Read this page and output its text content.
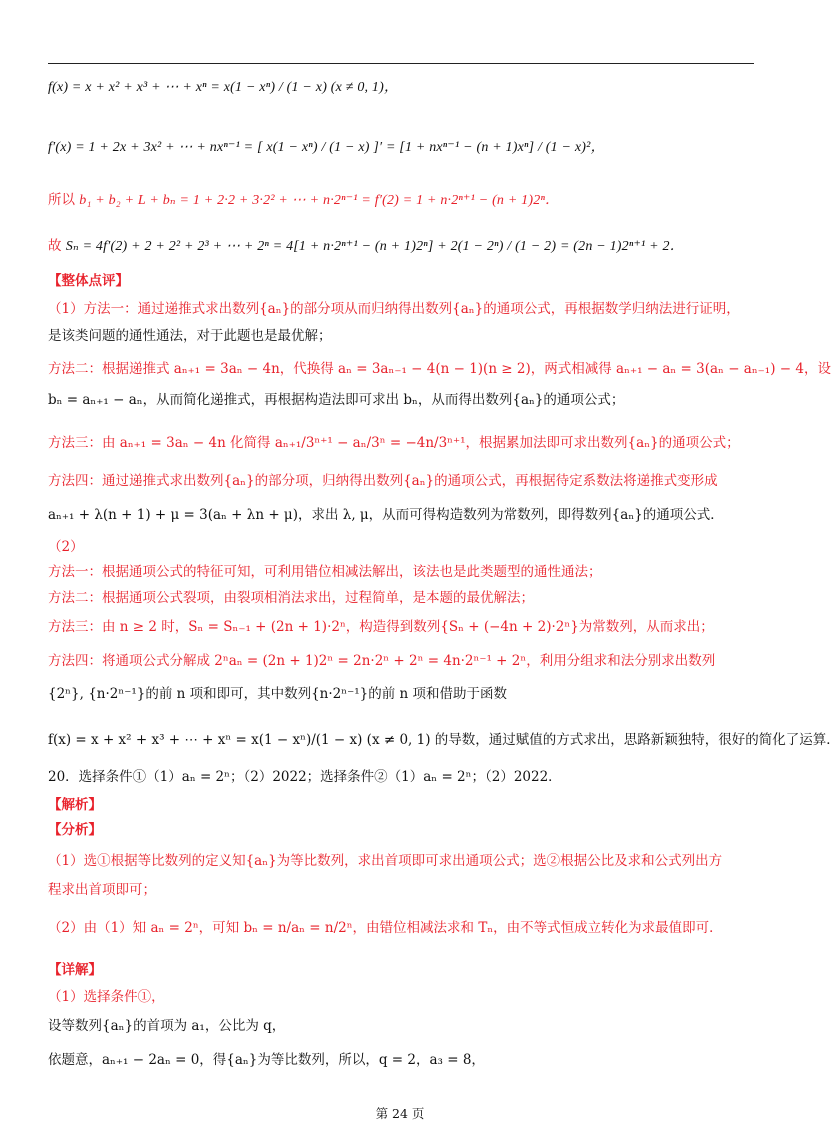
f(x) = x + x² + x³ + ⋯ + xⁿ = x(1 − xⁿ) / (1 − x) (x ≠ 0, 1)，
f′(x) = 1 + 2x + 3x² + ⋯ + nxⁿ⁻¹ = [ x(1 − xⁿ) / (1 − x) ]′ = [1 + nxⁿ⁻¹ − (n + 1)xⁿ] / (1 − x)²，
所以 b₁ + b₂ + L + bₙ = 1 + 2·2 + 3·2² + ⋯ + n·2ⁿ⁻¹ = f′(2) = 1 + n·2ⁿ⁺¹ − (n + 1)2ⁿ．
故 Sₙ = 4f′(2) + 2 + 2² + 2³ + ⋯ + 2ⁿ = 4[1 + n·2ⁿ⁺¹ − (n + 1)2ⁿ] + 2(1 − 2ⁿ) / (1 − 2) = (2n − 1)2ⁿ⁺¹ + 2．
【整体点评】
（1）方法一：通过递推式求出数列{aₙ}的部分项从而归纳得出数列{aₙ}的通项公式，再根据数学归纳法进行证明，
是该类问题的通性通法，对于此题也是最优解；
方法二：根据递推式 aₙ₊₁ = 3aₙ − 4n，代换得 aₙ = 3aₙ₋₁ − 4(n − 1)(n ≥ 2)，两式相减得 aₙ₊₁ − aₙ = 3(aₙ − aₙ₋₁) − 4，设
bₙ = aₙ₊₁ − aₙ，从而简化递推式，再根据构造法即可求出 bₙ，从而得出数列{aₙ}的通项公式；
方法三：由 aₙ₊₁ = 3aₙ − 4n 化简得 aₙ₊₁/3ⁿ⁺¹ − aₙ/3ⁿ = −4n/3ⁿ⁺¹，根据累加法即可求出数列{aₙ}的通项公式；
方法四：通过递推式求出数列{aₙ}的部分项，归纳得出数列{aₙ}的通项公式，再根据待定系数法将递推式变形成
aₙ₊₁ + λ(n + 1) + μ = 3(aₙ + λn + μ)，求出 λ, μ，从而可得构造数列为常数列，即得数列{aₙ}的通项公式．
（2）
方法一：根据通项公式的特征可知，可利用错位相减法解出，该法也是此类题型的通性通法；
方法二：根据通项公式裂项，由裂项相消法求出，过程简单，是本题的最优解法；
方法三：由 n ≥ 2 时，Sₙ = Sₙ₋₁ + (2n + 1)·2ⁿ，构造得到数列{Sₙ + (−4n + 2)·2ⁿ}为常数列，从而求出；
方法四：将通项公式分解成 2ⁿaₙ = (2n + 1)2ⁿ = 2n·2ⁿ + 2ⁿ = 4n·2ⁿ⁻¹ + 2ⁿ，利用分组求和法分别求出数列
{2ⁿ}, {n·2ⁿ⁻¹}的前 n 项和即可，其中数列{n·2ⁿ⁻¹}的前 n 项和借助于函数
f(x) = x + x² + x³ + ⋯ + xⁿ = x(1 − xⁿ)/(1 − x) (x ≠ 0, 1) 的导数，通过赋值的方式求出，思路新颖独特，很好的简化了运算．
20．选择条件①（1）aₙ = 2ⁿ；（2）2022；选择条件②（1）aₙ = 2ⁿ；（2）2022．
【解析】
【分析】
（1）选①根据等比数列的定义知{aₙ}为等比数列，求出首项即可求出通项公式；选②根据公比及求和公式列出方
程求出首项即可；
（2）由（1）知 aₙ = 2ⁿ，可知 bₙ = n/aₙ = n/2ⁿ，由错位相减法求和 Tₙ，由不等式恒成立转化为求最值即可．
【详解】
（1）选择条件①，
设等数列{aₙ}的首项为 a₁，公比为 q，
依题意，aₙ₊₁ − 2aₙ = 0，得{aₙ}为等比数列，所以，q = 2，a₃ = 8，
第 24 页
